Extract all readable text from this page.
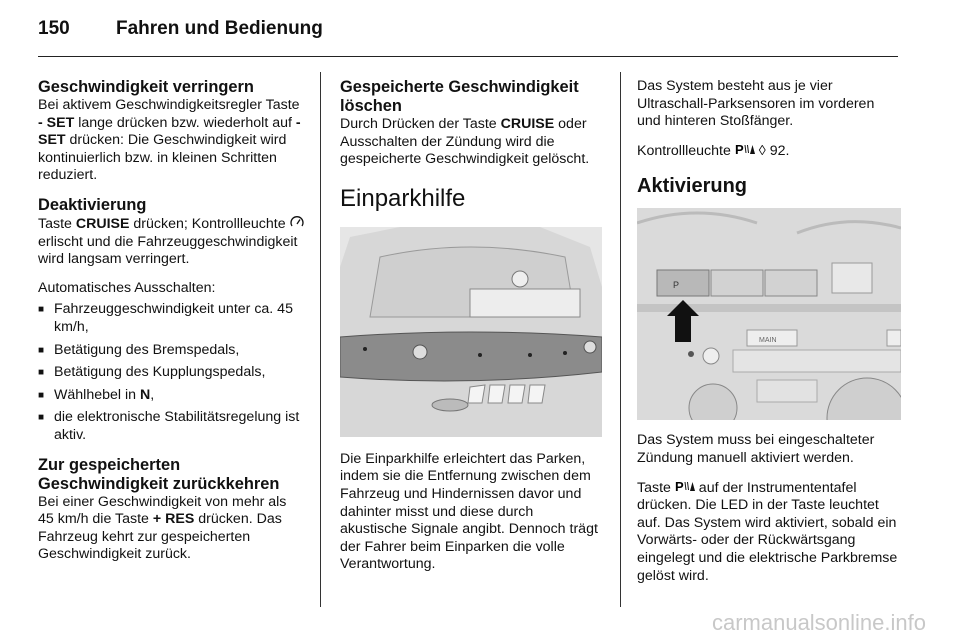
150 Fahren und Bedienung
Geschwindigkeit verringern

Bei aktivem Geschwindigkeitsregler Taste - SET lange drücken bzw. wiederholt auf - SET drücken: Die Geschwindigkeit wird kontinuierlich bzw. in kleinen Schritten reduziert.

Deaktivierung

Taste CRUISE drücken; Kontrollleuchte  erlischt und die Fahrzeuggeschwindigkeit wird langsam verringert.

Automatisches Ausschalten:

■ Fahrzeuggeschwindigkeit unter ca. 45 km/h,
■ Betätigung des Bremspedals,
■ Betätigung des Kupplungspedals,
■ Wählhebel in N,
■ die elektronische Stabilitätsregelung ist aktiv.
Zur gespeicherten Geschwindigkeit zurückkehren

Bei einer Geschwindigkeit von mehr als 45 km/h die Taste + RES drücken. Das Fahrzeug kehrt zur gespeicherten Geschwindigkeit zurück.

Gespeicherte Geschwindigkeit löschen

Durch Drücken der Taste CRUISE oder Ausschalten der Zündung wird die gespeicherte Geschwindigkeit gelöscht.

Einparkhilfe

Die Einparkhilfe erleichtert das Parken, indem sie die Entfernung zwischen dem Fahrzeug und Hindernissen davor und dahinter misst und diese durch akustische Signale angibt. Dennoch trägt der Fahrer beim Einparken die volle Verantwortung.

Das System besteht aus je vier Ultraschall-Parksensoren im vorderen und hinteren Stoßfänger.

Kontrollleuchte P ◊ 92.

Aktivierung
P
MAIN

Das System muss bei eingeschalteter Zündung manuell aktiviert werden.

Taste P auf der Instrumententafel drücken. Die LED in der Taste leuchtet auf. Das System wird aktiviert, sobald ein Vorwärts- oder der Rückwärtsgang eingelegt und die elektrische Parkbremse gelöst wird.

carmanualsonline.info
